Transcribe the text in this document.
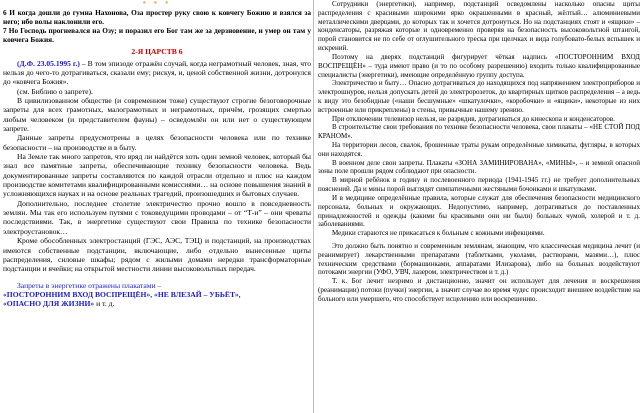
* * *

6 И когда дошли до гумна Нахонова, Оза простер руку свою к ковчегу Божию и взялся за него; ибо волы наклонили его.

7 Но Господь прогневался на Озу; и поразил его Бог там же за дерзновение, и умер он там у ковчега Божия.

2-Я ЦАРСТВ 6

(Д.Ф. 23.05.1995 г.) – В том эпизоде отражён случай, когда неграмотный человек, зная, что нельзя до чего-то дотрагиваться, сказали ему; рискуя, и, ценой собственной жизни, дотронулся до «ковчега Божия».

(см. Библию о запрете).

В цивилизованном обществе (и современном тоже) существуют строгие безоговорочные запреты для всех грамотных, малограмотных и неграмотных, причём, грозящих смертью любым человеком (и представителем фауны) – осведомлён он или нет о существующем запрете.

Данные запреты предусмотрены в целях безопасности человека или по технике безопасности – на производстве и в быту.

На Земле так много запретов, что вряд ли найдётся хоть один земной человек, который бы знал все памятные запреты, обеспечивающие технику безопасности человека. Ведь документированные запреты составляются по каждой отрасли отдельно и плюс на каждом производстве комитетами квалифицированными комиссиями… на основе повышения знаний в усложняющихся науках и на основе реальных трагедий, произошедших и бытовых случаев.

Дополнительно, последнее столетие электричество прочно вошло в повседневность землян. Мы так его используем путями с токоведущими проводами – от “Т-и” – они чреваты последствиями. Так, в энергетике существуют свои Правила по технике безопасности электроустановок…

Кроме обособленных электростанций (ГЭС, АЭС, ТЭЦ) и подстанций, на производствах имеются собственные подстанции, включающие, либо отдельно вынесенные щиты распределения, силовые шкафы; рядом с жилыми домами нередки трансформаторные подстанции и ячейки; на открытой местности линии высоковольтных передач.

Запреты в энергетике отражены плакатами –

«ПОСТОРОННИМ ВХОД ВОСПРЕЩЁН», «НЕ ВЛЕЗАЙ – УБЬЁТ»,

«ОПАСНО ДЛЯ ЖИЗНИ» и т. д.

Сотрудники (энергетики), например, подстанций осведомлены насколько опасны щиты распределения с красивыми широкими ярко окрашенными в красный, жёлтый… алюминиевыми металлическими дверцами, до которых так и хочется дотронуться. Но на подстанциях стоят и «ящики» – конденсаторы, разряжая которые и одновременно проверяя на безопасность высоковольтной штангой, порой становится не по себе от оглушительного треска при щелчках и вида голубовато-белых вспышек и искрений.

Поэтому на дверях подстанций фигурирует чёткая надпись «ПОСТОРОННИМ ВХОД ВОСПРЕЩЁН» – туда имеют право (и то по особому разрешению) входить только квалифицированные специалисты (энергетики), имеющие определённую группу доступа.

Электричество и быту… Опасно дотрагиваться до находящихся под напряжением электроприборов и электрошнуров, нельзя допускать детей до электророзеток, до квартирных щитков распределения – а ведь к виду это безобидные («наши бесшумные» «шкатулочки», «коробочки» и «ящики», некоторые из них встроенные или прикреплены) в стены, привычные нашему зрению.

При отключении телевизор нельзя, не разрядив, дотрагиваться до кинескопа и конденсаторов.

В строительстве свои требования по технике безопасности человека, свои плакаты – «НЕ СТОЙ ПОД КРАНОМ».

На территории лесов, свалок, брошенные траты рукам определённые химикаты, фугляры, в которых они находятся.

В военном деле свои запреты. Плакаты «ЗОНА ЗАМИНИРОВАНА», «МИНЫ», – и земной опасной зоны поле прошли рядом соблюдают при опасности.

В мирной ребёнок в годину и послевоенного периода (1941-1945 гг.) не требует дополнительных пояснений. Да и мины порой выглядят симпатичными жестяными бочонками и шкатулками.

И в медицине определённые правила, которые служат для обеспечения безопасности медицинского персонала, больных и окружающих. Недопустимо, например, дотрагиваться до поставленных принадлежностей и одежды (какими бы красивыми они ни были) больных чумой, холерой и т. д. заболеваниями.

Медики стараются не прикасаться к больным с кожными инфекциями.

Это должно быть понятно и современным землянам, знающим, что классическая медицина лечит (и реанимирует) лекарственными препаратами (таблетками, уколами, растворами, мазями…), плюс техническим средствами (бормашинками, аппаратами Илизарова), либо на больных воздействуют потоками энергии (УФО, УВЧ, лазером, электричеством и т. д.)

Т. к. Бог лечит незримо и дистанционно, значит он использует для лечения и воскрешения (реанимации) потоки (пучки) энергии, а значит случае во время чудес происходит внешнее воздействие на больного или умершего, что способствует исцелению или воскрешению.
